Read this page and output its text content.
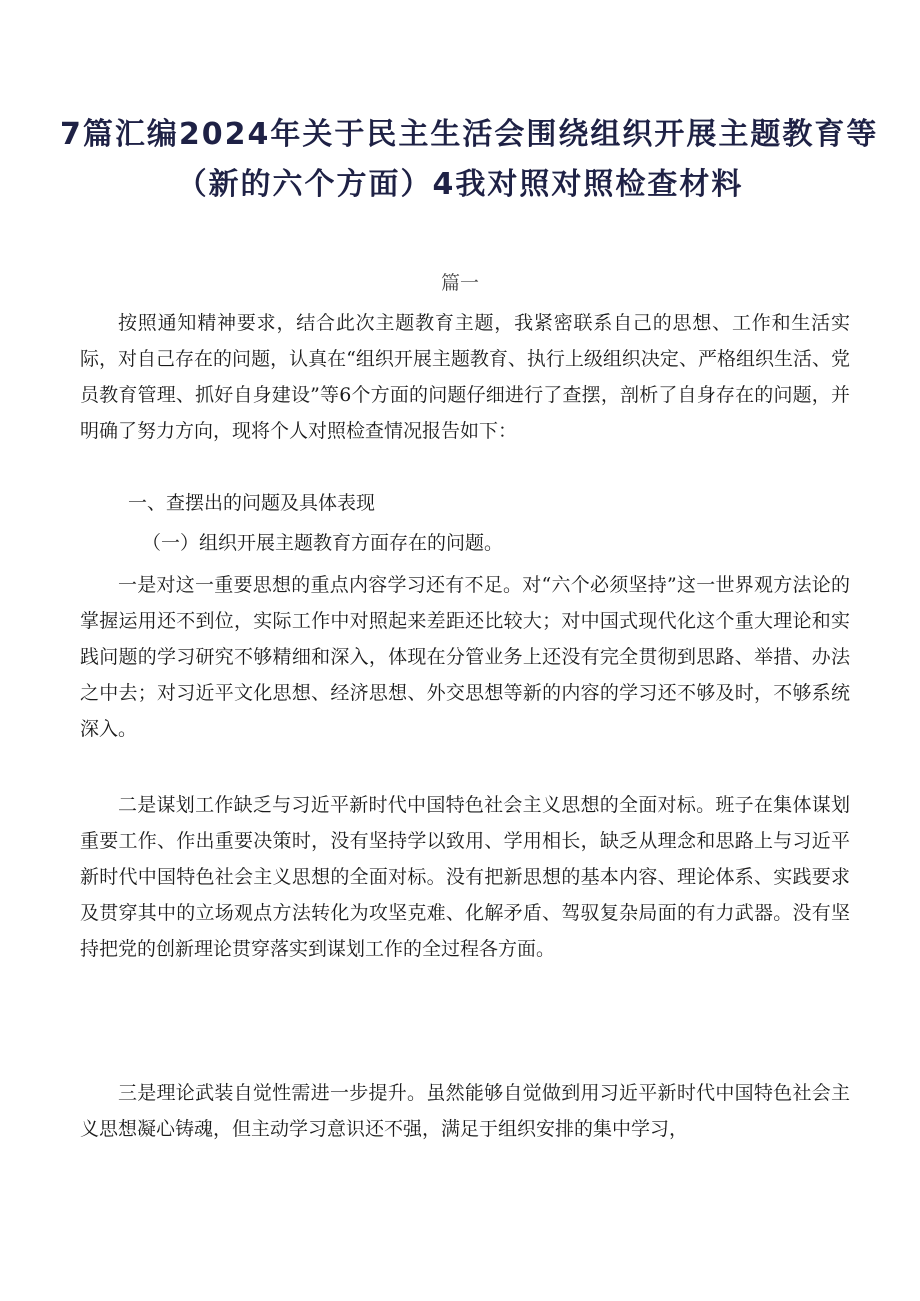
7篇汇编2024年关于民主生活会围绕组织开展主题教育等
（新的六个方面）4我对照对照检查材料
篇一

按照通知精神要求，结合此次主题教育主题，我紧密联系自己的思想、工作和生活实际，对自己存在的问题，认真在“组织开展主题教育、执行上级组织决定、严格组织生活、党员教育管理、抓好自身建设”等6个方面的问题仔细进行了查摆，剖析了自身存在的问题，并明确了努力方向，现将个人对照检查情况报告如下：

一、查摆出的问题及具体表现

（一）组织开展主题教育方面存在的问题。

一是对这一重要思想的重点内容学习还有不足。对“六个必须坚持”这一世界观方法论的掌握运用还不到位，实际工作中对照起来差距还比较大；对中国式现代化这个重大理论和实践问题的学习研究不够精细和深入，体现在分管业务上还没有完全贯彻到思路、举措、办法之中去；对习近平文化思想、经济思想、外交思想等新的内容的学习还不够及时，不够系统深入。

二是谋划工作缺乏与习近平新时代中国特色社会主义思想的全面对标。班子在集体谋划重要工作、作出重要决策时，没有坚持学以致用、学用相长，缺乏从理念和思路上与习近平新时代中国特色社会主义思想的全面对标。没有把新思想的基本内容、理论体系、实践要求及贯穿其中的立场观点方法转化为攻坚克难、化解矛盾、驾驭复杂局面的有力武器。没有坚持把党的创新理论贯穿落实到谋划工作的全过程各方面。

三是理论武装自觉性需进一步提升。虽然能够自觉做到用习近平新时代中国特色社会主义思想凝心铸魂，但主动学习意识还不强，满足于组织安排的集中学习，
